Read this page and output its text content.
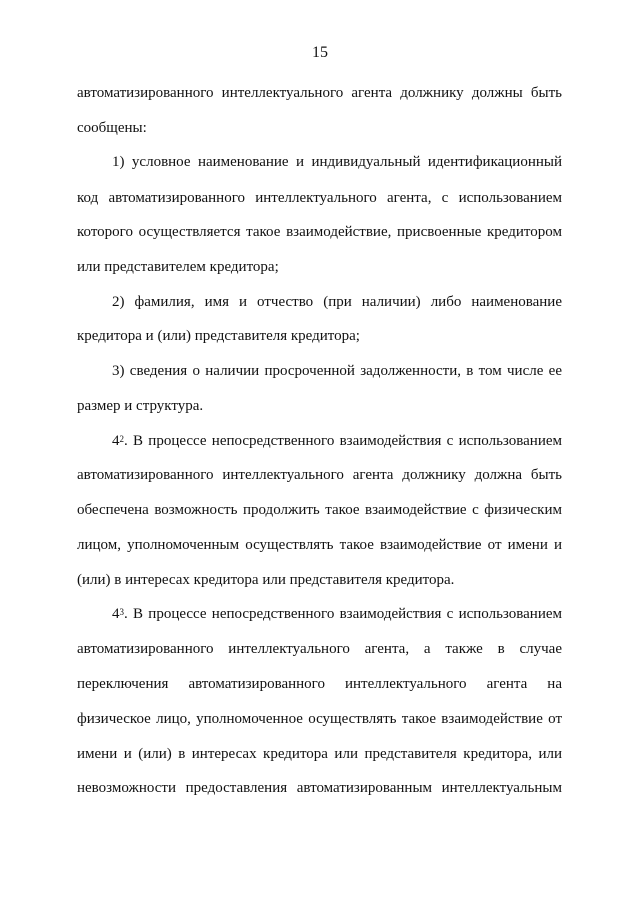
15
автоматизированного интеллектуального агента должнику должны быть
сообщены:
1) условное наименование и индивидуальный идентификационный
код автоматизированного интеллектуального агента, с использованием
которого осуществляется такое взаимодействие, присвоенные кредитором
или представителем кредитора;
2) фамилия, имя и отчество (при наличии) либо наименование
кредитора и (или) представителя кредитора;
3) сведения о наличии просроченной задолженности, в том числе ее
размер и структура.
$4^2$. В процессе непосредственного взаимодействия с использованием
автоматизированного интеллектуального агента должнику должна быть
обеспечена возможность продолжить такое взаимодействие с физическим
лицом, уполномоченным осуществлять такое взаимодействие от имени и
(или) в интересах кредитора или представителя кредитора.
$4^3$. В процессе непосредственного взаимодействия с использованием
автоматизированного интеллектуального агента, а также в случае
переключения автоматизированного интеллектуального агента на
физическое лицо, уполномоченное осуществлять такое взаимодействие от
имени и (или) в интересах кредитора или представителя кредитора, или
невозможности предоставления автоматизированным интеллектуальным
